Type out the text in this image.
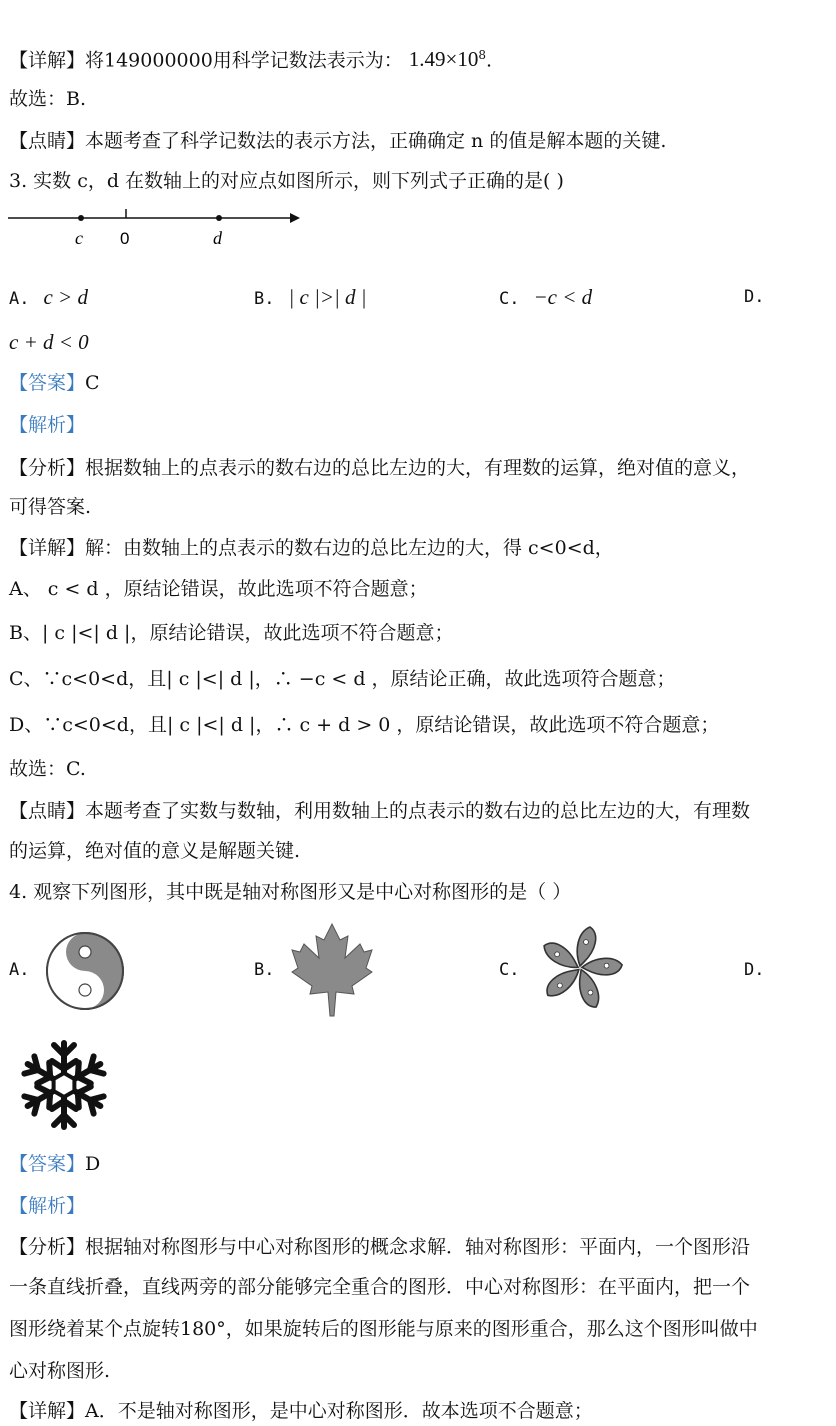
【详解】将149000000用科学记数法表示为： $1.49\times 10^8$.
故选：B.
【点睛】本题考查了科学记数法的表示方法，正确确定 n 的值是解本题的关键.
3. 实数 c，d 在数轴上的对应点如图所示，则下列式子正确的是( )
c 0	d
A. c > d	B. | c |>| d |	C. −c < d	D.
c + d < 0
【答案】C
【解析】
【分析】根据数轴上的点表示的数右边的总比左边的大，有理数的运算，绝对值的意义，
可得答案.
【详解】解：由数轴上的点表示的数右边的总比左边的大，得 c<0<d，
A、 c < d ，原结论错误，故此选项不符合题意；
B、| c |<| d |，原结论错误，故此选项不符合题意；
C、∵c<0<d，且| c |<| d |，∴ −c < d ，原结论正确，故此选项符合题意；
D、∵c<0<d，且| c |<| d |，∴ c + d > 0 ，原结论错误，故此选项不符合题意；
故选：C.
【点睛】本题考查了实数与数轴，利用数轴上的点表示的数右边的总比左边的大，有理数
的运算，绝对值的意义是解题关键.
4. 观察下列图形，其中既是轴对称图形又是中心对称图形的是（ ）
A.	B.	C.	D.
【答案】D
【解析】
【分析】根据轴对称图形与中心对称图形的概念求解．轴对称图形：平面内，一个图形沿
一条直线折叠，直线两旁的部分能够完全重合的图形．中心对称图形：在平面内，把一个
图形绕着某个点旋转180°，如果旋转后的图形能与原来的图形重合，那么这个图形叫做中
心对称图形.
【详解】A．不是轴对称图形，是中心对称图形．故本选项不合题意；
